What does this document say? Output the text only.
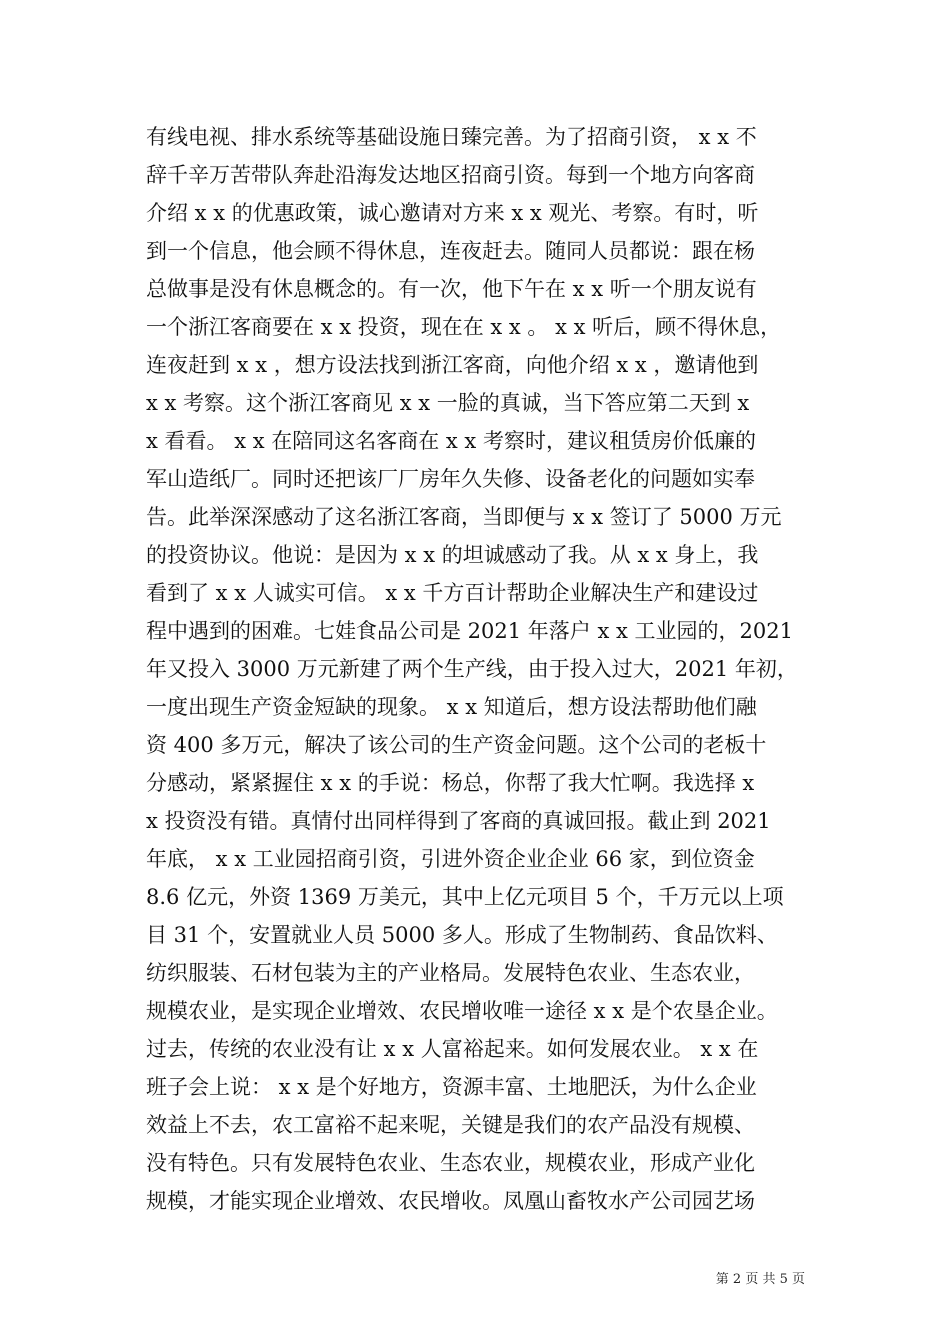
有线电视、排水系统等基础设施日臻完善。为了招商引资， x x 不
辞千辛万苦带队奔赴沿海发达地区招商引资。每到一个地方向客商
介绍 x x 的优惠政策，诚心邀请对方来 x x 观光、考察。有时，听
到一个信息，他会顾不得休息，连夜赶去。随同人员都说：跟在杨
总做事是没有休息概念的。有一次，他下午在 x x 听一个朋友说有
一个浙江客商要在 x x 投资，现在在 x x 。 x x 听后，顾不得休息，
连夜赶到 x x ，想方设法找到浙江客商，向他介绍 x x ，邀请他到
x x 考察。这个浙江客商见 x x 一脸的真诚，当下答应第二天到 x
x 看看。 x x 在陪同这名客商在 x x 考察时，建议租赁房价低廉的
军山造纸厂。同时还把该厂厂房年久失修、设备老化的问题如实奉
告。此举深深感动了这名浙江客商，当即便与 x x 签订了 5000 万元
的投资协议。他说：是因为 x x 的坦诚感动了我。从 x x 身上，我
看到了 x x 人诚实可信。 x x 千方百计帮助企业解决生产和建设过
程中遇到的困难。七娃食品公司是 2021 年落户 x x 工业园的，2021
年又投入 3000 万元新建了两个生产线，由于投入过大，2021 年初，
一度出现生产资金短缺的现象。 x x 知道后，想方设法帮助他们融
资 400 多万元，解决了该公司的生产资金问题。这个公司的老板十
分感动，紧紧握住 x x 的手说：杨总，你帮了我大忙啊。我选择 x
x 投资没有错。真情付出同样得到了客商的真诚回报。截止到 2021
年底， x x 工业园招商引资，引进外资企业企业 66 家，到位资金
8.6 亿元，外资 1369 万美元，其中上亿元项目 5 个，千万元以上项
目 31 个，安置就业人员 5000 多人。形成了生物制药、食品饮料、
纺织服装、石材包装为主的产业格局。发展特色农业、生态农业，
规模农业，是实现企业增效、农民增收唯一途径 x x 是个农垦企业。
过去，传统的农业没有让 x x 人富裕起来。如何发展农业。 x x 在
班子会上说： x x 是个好地方，资源丰富、土地肥沃，为什么企业
效益上不去，农工富裕不起来呢，关键是我们的农产品没有规模、
没有特色。只有发展特色农业、生态农业，规模农业，形成产业化
规模，才能实现企业增效、农民增收。凤凰山畜牧水产公司园艺场
第 2 页 共 5 页
